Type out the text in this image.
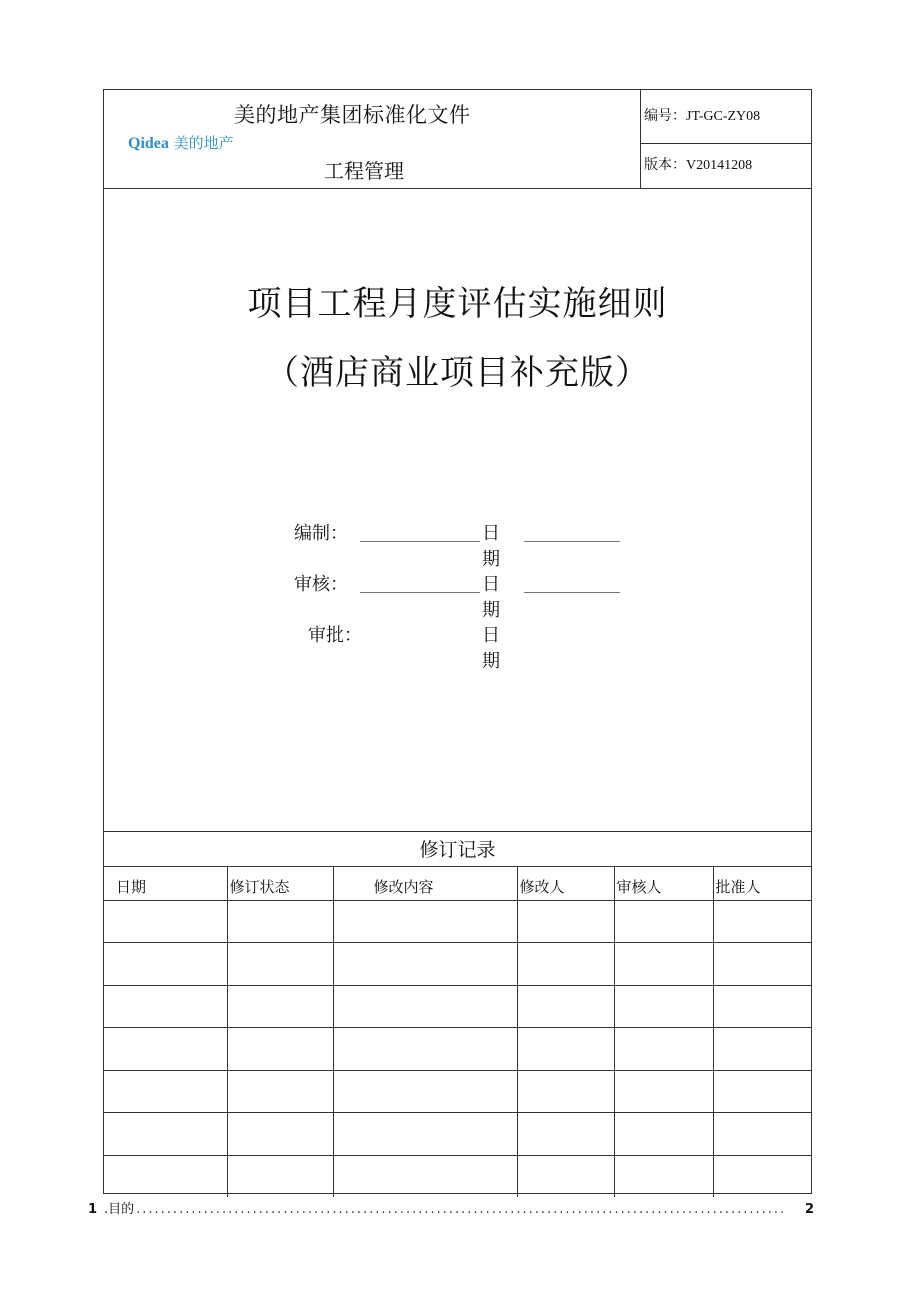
美的地产集团标准化文件
Qidea 美的地产
工程管理
编号：JT-GC-ZY08
版本：V20141208
项目工程月度评估实施细则
（酒店商业项目补充版）
编制：	日期
审核：	日期
审批：	日期
修订记录
日期	修订状态	修改内容	修改人	审核人	批准人

1 .目的 ..........................................................................................................	2
